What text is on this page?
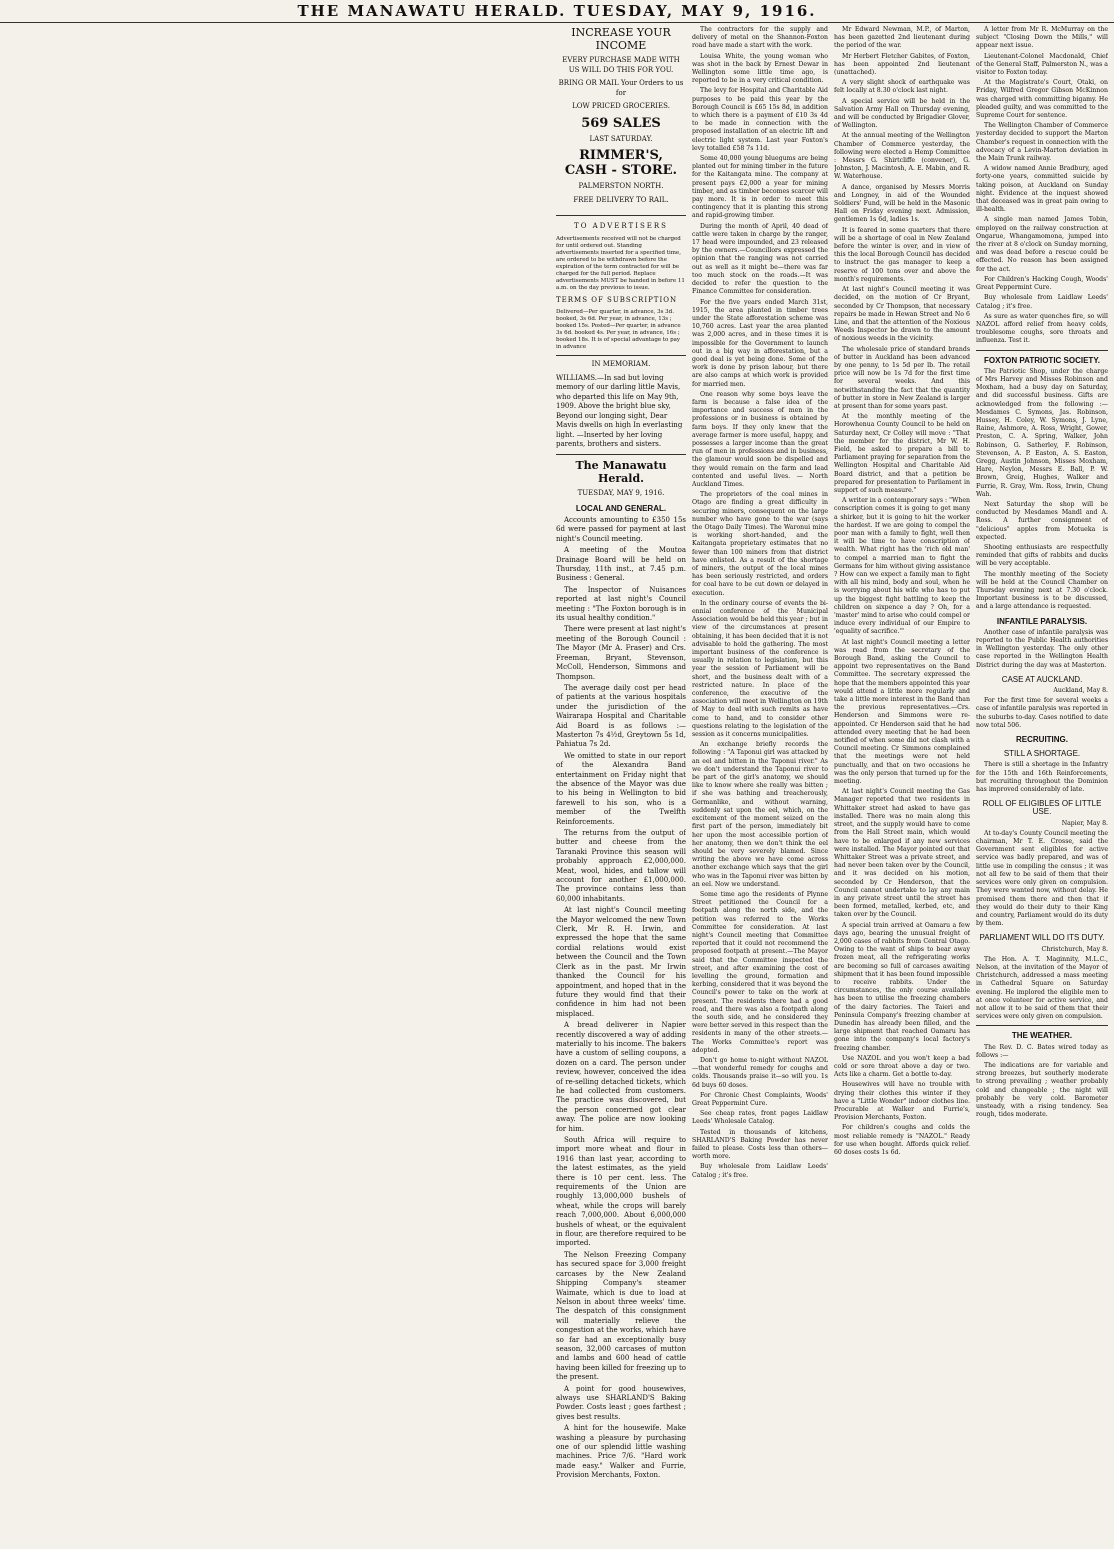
THE MANAWATU HERALD. TUESDAY, MAY 9, 1916.

INCREASE YOUR INCOME

EVERY PURCHASE MADE WITH US WILL DO THIS FOR YOU.

BRING OR MAIL Your Orders to us for

LOW PRICED GROCERIES.

569 SALES

LAST SATURDAY.

RIMMER'S, CASH - STORE.

PALMERSTON NORTH.

FREE DELIVERY TO RAIL.

TO ADVERTISERS

Advertisements received will not be charged for until ordered out. Standing advertisements inserted for a specified time, are ordered to be withdrawn before the expiration of the term contracted for will be charged for the full period. Replace advertisements MUST be handed in before 11 a.m. on the day previous to issue.

TERMS OF SUBSCRIPTION

Delivered—Per quarter, in advance, 3s 3d. booked, 3s 6d. Per year, in advance, 13s ; booked 15s. Posted—Per quarter, in advance 3s 6d. booked 4s. Per year, in advance, 16s ; booked 18s. It is of special advantage to pay in advance

IN MEMORIAM.

WILLIAMS.—In sad but loving memory of our darling little Mavis, who departed this life on May 9th, 1909. Above the bright blue sky, Beyond our longing sight, Dear Mavis dwells on high In everlasting light. —Inserted by her loving parents, brothers and sisters.

The Manawatu Herald.

TUESDAY, MAY 9, 1916.

LOCAL AND GENERAL.

Accounts amounting to £350 15s 6d were passed for payment at last night's Council meeting.

A meeting of the Moutoa Drainage Board will be held on Thursday, 11th inst., at 7.45 p.m. Business : General.

The Inspector of Nuisances reported at last night's Council meeting : "The Foxton borough is in its usual healthy condition."

There were present at last night's meeting of the Borough Council : The Mayor (Mr A. Fraser) and Crs. Freeman, Bryant, Stevenson, McColl, Henderson, Simmons and Thompson.

The average daily cost per head of patients at the various hospitals under the jurisdiction of the Wairarapa Hospital and Charitable Aid Board is as follows :— Masterton 7s 4½d, Greytown 5s 1d, Pahiatua 7s 2d.

We omitted to state in our report of the Alexandra Band entertainment on Friday night that the absence of the Mayor was due to his being in Wellington to bid farewell to his son, who is a member of the Twelfth Reinforcements.

The returns from the output of butter and cheese from the Taranaki Province this season will probably approach £2,000,000. Meat, wool, hides, and tallow will account for another £1,000,000. The province contains less than 60,000 inhabitants.

At last night's Council meeting the Mayor welcomed the new Town Clerk, Mr R. H. Irwin, and expressed the hope that the same cordial relations would exist between the Council and the Town Clerk as in the past. Mr Irwin thanked the Council for his appointment, and hoped that in the future they would find that their confidence in him had not been misplaced.

A bread deliverer in Napier recently discovered a way of adding materially to his income. The bakers have a custom of selling coupons, a dozen on a card. The person under review, however, conceived the idea of re-selling detached tickets, which he had collected from customers. The practice was discovered, but the person concerned got clear away. The police are now looking for him.

South Africa will require to import more wheat and flour in 1916 than last year, according to the latest estimates, as the yield there is 10 per cent. less. The requirements of the Union are roughly 13,000,000 bushels of wheat, while the crops will barely reach 7,000,000. About 6,000,000 bushels of wheat, or the equivalent in flour, are therefore required to be imported.

The Nelson Freezing Company has secured space for 3,000 freight carcases by the New Zealand Shipping Company's steamer Waimate, which is due to load at Nelson in about three weeks' time. The despatch of this consignment will materially relieve the congestion at the works, which have so far had an exceptionally busy season, 32,000 carcases of mutton and lambs and 600 head of cattle having been killed for freezing up to the present.

A point for good housewives, always use SHARLAND'S Baking Powder. Costs least ; goes farthest ; gives best results.

A hint for the housewife. Make washing a pleasure by purchasing one of our splendid little washing machines. Price 7/6. "Hard work made easy." Walker and Furrie, Provision Merchants, Foxton.

The contractors for the supply and delivery of metal on the Shannon-Foxton road have made a start with the work.

Louisa White, the young woman who was shot in the back by Ernest Dewar in Wellington some little time ago, is reported to be in a very critical condition.

The levy for Hospital and Charitable Aid purposes to be paid this year by the Borough Council is £65 15s 8d, in addition to which there is a payment of £10 3s 4d to be made in connection with the proposed installation of an electric lift and electric light system. Last year Foxton's levy totalled £58 7s 11d.

Some 40,000 young bluegums are being planted out for mining timber in the future for the Kaitangata mine. The company at present pays £2,000 a year for mining timber, and as timber becomes scarcer will pay more. It is in order to meet this contingency that it is planting this strong and rapid-growing timber.

During the month of April, 40 dead of cattle were taken in charge by the ranger, 17 head were impounded, and 23 released by the owners.—Councillors expressed the opinion that the ranging was not carried out as well as it might be—there was far too much stock on the roads.—It was decided to refer the question to the Finance Committee for consideration.

For the five years ended March 31st, 1915, the area planted in timber trees under the State afforestation scheme was 10,760 acres. Last year the area planted was 2,000 acres, and in these times it is impossible for the Government to launch out in a big way in afforestation, but a good deal is yet being done. Some of the work is done by prison labour, but there are also camps at which work is provided for married men.

One reason why some boys leave the farm is because a false idea of the importance and success of men in the professions or in business is obtained by farm boys. If they only knew that the average farmer is more useful, happy, and possesses a larger income than the great run of men in professions and in business, the glamour would soon be dispelled and they would remain on the farm and lead contented and useful lives. — North Auckland Times.

The proprietors of the coal mines in Otago are finding a great difficulty in securing miners, consequent on the large number who have gone to the war (says the Otago Daily Times). The Waronui mine is working short-handed, and the Kaitangata proprietary estimates that no fewer than 100 miners from that district have enlisted. As a result of the shortage of miners, the output of the local mines has been seriously restricted, and orders for coal have to be cut down or delayed in execution.

In the ordinary course of events the bi-ennial conference of the Municipal Association would be held this year ; but in view of the circumstances at present obtaining, it has been decided that it is not advisable to hold the gathering. The most important business of the conference is usually in relation to legislation, but this year the session of Parliament will be short, and the business dealt with of a restricted nature. In place of the conference, the executive of the association will meet in Wellington on 19th of May to deal with such remits as have come to hand, and to consider other questions relating to the legislation of the session as it concerns municipalities.

An exchange briefly records the following : "A Taponui girl was attacked by an eel and bitten in the Taponui river." As we don't understand the Taponui river to be part of the girl's anatomy, we should like to know where she really was bitten ; if she was bathing and treacherously, Germanlike, and without warning, suddenly sat upon the eel, which, on the excitement of the moment seized on the first part of the person, immediately bit her upon the most accessible portion of her anatomy, then we don't think the eel should be very severely blamed. Since writing the above we have come across another exchange which says that the girl who was in the Taponui river was bitten by an eel. Now we understand.

Some time ago the residents of Plynne Street petitioned the Council for a footpath along the north side, and the petition was referred to the Works Committee for consideration. At last night's Council meeting that Committee reported that it could not recommend the proposed footpath at present.—The Mayor said that the Committee inspected the street, and after examining the cost of levelling the ground, formation and kerbing, considered that it was beyond the Council's power to take on the work at present. The residents there had a good road, and there was also a footpath along the south side, and he considered they were better served in this respect than the residents in many of the other streets.—The Works Committee's report was adopted.

Don't go home to-night without NAZOL—that wonderful remedy for coughs and colds. Thousands praise it—so will you. 1s 6d buys 60 doses.

For Chronic Chest Complaints, Woods' Great Peppermint Cure.

See cheap rates, front pages Laidlaw Leeds' Wholesale Catalog.

Tested in thousands of kitchens, SHARLAND'S Baking Powder has never failed to please. Costs less than others—worth more.

Buy wholesale from Laidlaw Leeds' Catalog ; it's free.

Mr Edward Newman, M.P., of Marton, has been gazetted 2nd lieutenant during the period of the war.

Mr Herbert Fletcher Gabites, of Foxton, has been appointed 2nd lieutenant (unattached).

A very slight shock of earthquake was felt locally at 8.30 o'clock last night.

A special service will be held in the Salvation Army Hall on Thursday evening, and will be conducted by Brigadier Glover, of Wellington.

At the annual meeting of the Wellington Chamber of Commerce yesterday, the following were elected a Hemp Committee : Messrs G. Shirtcliffe (convener), G. Johnston, J. Macintosh, A. E. Mabin, and R. W. Waterhouse.

A dance, organised by Messrs Morris and Longney, in aid of the Wounded Soldiers' Fund, will be held in the Masonic Hall on Friday evening next. Admission, gentlemen 1s 6d, ladies 1s.

It is feared in some quarters that there will be a shortage of coal in New Zealand before the winter is over, and in view of this the local Borough Council has decided to instruct the gas manager to keep a reserve of 100 tons over and above the month's requirements.

At last night's Council meeting it was decided, on the motion of Cr Bryant, seconded by Cr Thompson, that necessary repairs be made in Hewan Street and No 6 Line, and that the attention of the Noxious Weeds Inspector be drawn to the amount of noxious weeds in the vicinity.

The wholesale price of standard brands of butter in Auckland has been advanced by one penny, to 1s 5d per lb. The retail price will now be 1s 7d for the first time for several weeks. And this notwithstanding the fact that the quantity of butter in store in New Zealand is larger at present than for some years past.

At the monthly meeting of the Horowhenua County Council to be held on Saturday next, Cr Colley will move : "That the member for the district, Mr W. H. Field, be asked to prepare a bill to Parliament praying for separation from the Wellington Hospital and Charitable Aid Board district, and that a petition be prepared for presentation to Parliament in support of such measure."

A writer in a contemporary says : "When conscription comes it is going to get many a shirker, but it is going to hit the worker the hardest. If we are going to compel the poor man with a family to fight, well then it will be time to have conscription of wealth. What right has the 'rich old man' to compel a married man to fight the Germans for him without giving assistance ? How can we expect a family man to fight with all his mind, body and soul, when he is worrying about his wife who has to put up the biggest fight battling to keep the children on sixpence a day ? Oh, for a 'master' mind to arise who could compel or induce every individual of our Empire to 'equality of sacrifice.'"

At last night's Council meeting a letter was read from the secretary of the Borough Band, asking the Council to appoint two representatives on the Band Committee. The secretary expressed the hope that the members appointed this year would attend a little more regularly and take a little more interest in the Band than the previous representatives.—Crs. Henderson and Simmons were re-appointed. Cr Henderson said that he had attended every meeting that he had been notified of when some did not clash with a Council meeting. Cr Simmons complained that the meetings were not held punctually, and that on two occasions he was the only person that turned up for the meeting.

At last night's Council meeting the Gas Manager reported that two residents in Whittaker street had asked to have gas installed. There was no main along this street, and the supply would have to come from the Hall Street main, which would have to be enlarged if any new services were installed. The Mayor pointed out that Whittaker Street was a private street, and had never been taken over by the Council, and it was decided on his motion, seconded by Cr Henderson, that the Council cannot undertake to lay any main in any private street until the street has been formed, metalled, kerbed, etc, and taken over by the Council.

A special train arrived at Oamaru a few days ago, bearing the unusual freight of 2,000 cases of rabbits from Central Otago. Owing to the want of ships to bear away frozen meat, all the refrigerating works are becoming so full of carcases awaiting shipment that it has been found impossible to receive rabbits. Under the circumstances, the only course available has been to utilise the freezing chambers of the dairy factories. The Taieri and Peninsula Company's freezing chamber at Dunedin has already been filled, and the large shipment that reached Oamaru has gone into the company's local factory's freezing chamber.

Use NAZOL and you won't keep a bad cold or sore throat above a day or two. Acts like a charm. Get a bottle to-day.

Housewives will have no trouble with drying their clothes this winter if they have a "Little Wonder" indoor clothes line. Procurable at Walker and Furrie's, Provision Merchants, Foxton.

For children's coughs and colds the most reliable remedy is "NAZOL." Ready for use when bought. Affords quick relief. 60 doses costs 1s 6d.

A letter from Mr R. McMurray on the subject "Closing Down the Mills," will appear next issue.

Lieutenant-Colonel Macdonald, Chief of the General Staff, Palmerston N., was a visitor to Foxton today.

At the Magistrate's Court, Otaki, on Friday, Wilfred Gregor Gibson McKinnon was charged with committing bigamy. He pleaded guilty, and was committed to the Supreme Court for sentence.

The Wellington Chamber of Commerce yesterday decided to support the Marton Chamber's request in connection with the advocacy of a Levin-Marton deviation in the Main Trunk railway.

A widow named Annie Bradbury, aged forty-one years, committed suicide by taking poison, at Auckland on Sunday night. Evidence at the inquest showed that deceased was in great pain owing to ill-health.

A single man named James Tobin, employed on the railway construction at Ongarue, Whangamomona, jumped into the river at 8 o'clock on Sunday morning, and was dead before a rescue could be effected. No reason has been assigned for the act.

For Children's Hacking Cough, Woods' Great Peppermint Cure.

Buy wholesale from Laidlaw Leeds' Catalog ; it's free.

As sure as water quenches fire, so will NAZOL afford relief from heavy colds, troublesome coughs, sore throats and influenza. Test it.

FOXTON PATRIOTIC SOCIETY.

The Patriotic Shop, under the charge of Mrs Harvey and Misses Robinson and Moxham, had a busy day on Saturday, and did successful business. Gifts are acknowledged from the following :—Mesdames C. Symons, Jas. Robinson, Hussey, H. Coley, W. Symons, J. Lyne, Raine, Ashmore, A. Ross, Wright, Gower, Preston, C. A. Spring, Walker, John Robinson, G. Satherley, F. Robinson, Stevenson, A. P. Easton, A. S. Easton, Gregg, Austin Johnson, Misses Moxham, Hare, Neylon, Messrs E. Ball, P. W. Brown, Greig, Hughes, Walker and Furrie, R. Gray, Wm. Ross, Irwin, Chung Wah.

Next Saturday the shop will be conducted by Mesdames Mandl and A. Ross. A further consignment of "delicious" apples from Motueka is expected.

Shooting enthusiasts are respectfully reminded that gifts of rabbits and ducks will be very acceptable.

The monthly meeting of the Society will be held at the Council Chamber on Thursday evening next at 7.30 o'clock. Important business is to be discussed, and a large attendance is requested.

INFANTILE PARALYSIS.

Another case of infantile paralysis was reported to the Public Health authorities in Wellington yesterday. The only other case reported in the Wellington Health District during the day was at Masterton.

CASE AT AUCKLAND.

Auckland, May 8.

For the first time for several weeks a case of infantile paralysis was reported in the suburbs to-day. Cases notified to date now total 506.

RECRUITING.
STILL A SHORTAGE.

There is still a shortage in the Infantry for the 15th and 16th Reinforcements, but recruiting throughout the Dominion has improved considerably of late.

ROLL OF ELIGIBLES OF LITTLE USE.

Napier, May 8.

At to-day's County Council meeting the chairman, Mr T. E. Crosse, said the Government sent eligibles for active service was badly prepared, and was of little use in compiling the census ; it was not all few to be said of them that their services were only given on compulsion. They were wanted now, without delay. He promised them there and then that if they would do their duty to their King and country, Parliament would do its duty by them.

PARLIAMENT WILL DO ITS DUTY.

Christchurch, May 8.

The Hon. A. T. Maginnity, M.L.C., Nelson, at the invitation of the Mayor of Christchurch, addressed a mass meeting in Cathedral Square on Saturday evening. He implored the eligible men to at once volunteer for active service, and not allow it to be said of them that their services were only given on compulsion.

THE WEATHER.

The Rev. D. C. Bates wired today as follows :—

The indications are for variable and strong breezes, but southerly moderate to strong prevailing ; weather probably cold and changeable ; the night will probably be very cold. Barometer unsteady, with a rising tendency. Sea rough, tides moderate.
